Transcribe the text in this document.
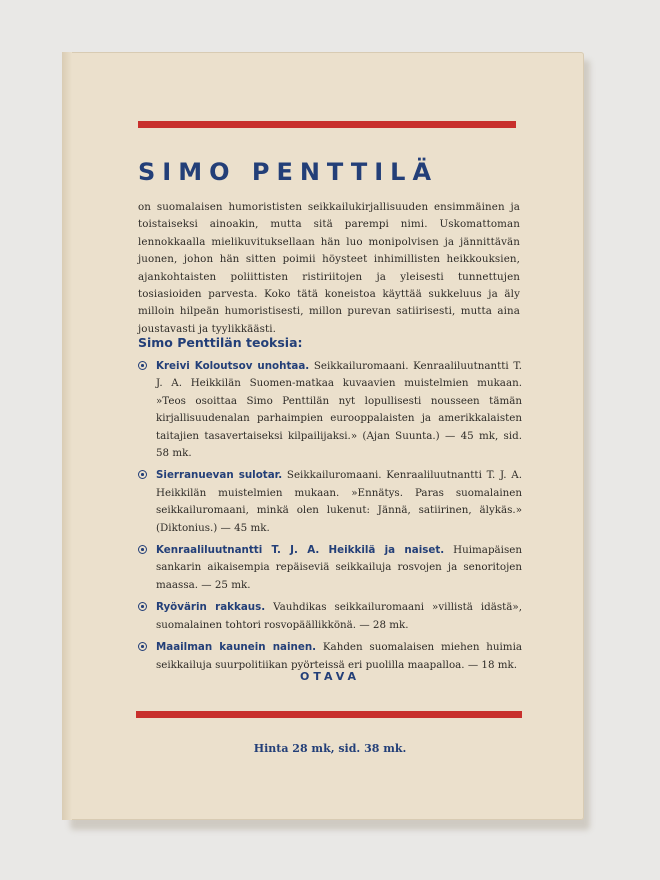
SIMO PENTTILÄ
on suomalaisen humorististen seikkailukirjallisuuden ensimmäinen ja toistaiseksi ainoakin, mutta sitä parempi nimi. Uskomattoman lennokkaalla mielikuvituksellaan hän luo monipolvisen ja jännittävän juonen, johon hän sitten poimii höysteet inhimillisten heikkouksien, ajankohtaisten poliittisten ristiriitojen ja yleisesti tunnettujen tosiasioiden parvesta. Koko tätä koneistoa käyttää sukkeluus ja äly milloin hilpeän humoristisesti, millon purevan satiirisesti, mutta aina joustavasti ja tyylikkäästi.
Simo Penttilän teoksia:
Kreivi Koloutsov unohtaa. Seikkailuromaani. Kenraaliluutnantti T. J. A. Heikkilän Suomen-matkaa kuvaavien muistelmien mukaan. »Teos osoittaa Simo Penttilän nyt lopullisesti nousseen tämän kirjallisuudenalan parhaimpien eurooppalaisten ja amerikkalaisten taitajien tasavertaiseksi kilpailijaksi.» (Ajan Suunta.) — 45 mk, sid. 58 mk.
Sierranuevan sulotar. Seikkailuromaani. Kenraaliluutnantti T. J. A. Heikkilän muistelmien mukaan. »Ennätys. Paras suomalainen seikkailuromaani, minkä olen lukenut: Jännä, satiirinen, älykäs.» (Diktonius.) — 45 mk.
Kenraaliluutnantti T. J. A. Heikkilä ja naiset. Huimapäisen sankarin aikaisempia repäiseviä seikkailuja rosvojen ja senoritojen maassa. — 25 mk.
Ryövärin rakkaus. Vauhdikas seikkailuromaani »villistä idästä», suomalainen tohtori rosvopäällikkönä. — 28 mk.
Maailman kaunein nainen. Kahden suomalaisen miehen huimia seikkailuja suurpolitiikan pyörteissä eri puolilla maapalloa. — 18 mk.
OTAVA
Hinta 28 mk, sid. 38 mk.
